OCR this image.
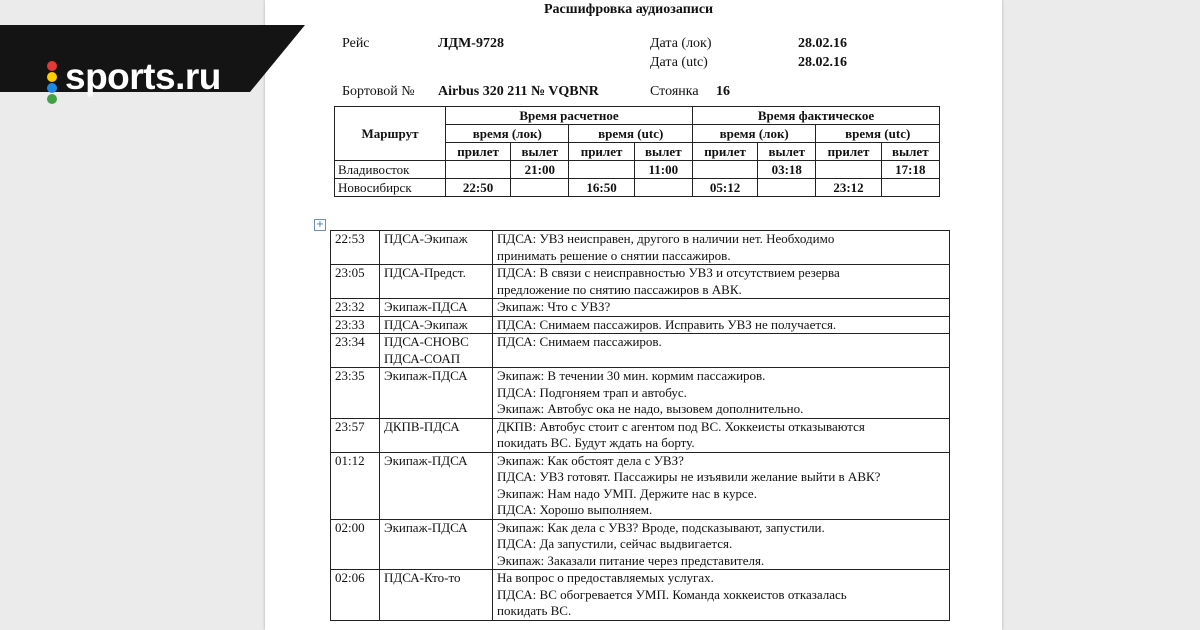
sports.ru
Расшифровка аудиозаписи
Рейс	ЛДМ-9728	Дата (лок)	28.02.16
Дата (utc)	28.02.16
Бортовой № Airbus 320 211 № VQBNR	Стоянка 16
Маршрут	Время расчетное				Время фактическое			
	время (лок)		время (utc)		время (лок)		время (utc)	
	прилет	вылет	прилет	вылет	прилет	вылет	прилет	вылет
Владивосток		21:00		11:00		03:18		17:18
Новосибирск	22:50		16:50		05:12		23:12	
+
22:53	ПДСА-Экипаж	ПДСА: УВЗ неисправен, другого в наличии нет. Необходимо
принимать решение о снятии пассажиров.

23:05	ПДСА-Предст.	ПДСА: В связи с неисправностью УВЗ и отсутствием резерва
предложение по снятию пассажиров в АВК.

23:32	Экипаж-ПДСА	Экипаж: Что с УВЗ?

23:33	ПДСА-Экипаж	ПДСА: Снимаем пассажиров. Исправить УВЗ не получается.

23:34	ПДСА-СНОВС ПДСА-СОАП	ПДСА: Снимаем пассажиров.

23:35	Экипаж-ПДСА	Экипаж: В течении 30 мин. кормим пассажиров.
ПДСА: Подгоняем трап и автобус.
Экипаж: Автобус ока не надо, вызовем дополнительно.

23:57	ДКПВ-ПДСА	ДКПВ: Автобус стоит с агентом под ВС. Хоккеисты отказываются
покидать ВС. Будут ждать на борту.

01:12	Экипаж-ПДСА	Экипаж: Как обстоят дела с УВЗ?
ПДСА: УВЗ готовят. Пассажиры не изъявили желание выйти в АВК?
Экипаж: Нам надо УМП. Держите нас в курсе.
ПДСА: Хорошо выполняем.

02:00	Экипаж-ПДСА	Экипаж: Как дела с УВЗ? Вроде, подсказывают, запустили.
ПДСА: Да запустили, сейчас выдвигается.
Экипаж: Заказали питание через представителя.

02:06	ПДСА-Кто-то	На вопрос о предоставляемых услугах.
ПДСА: ВС обогревается УМП. Команда хоккеистов отказалась
покидать ВС.
